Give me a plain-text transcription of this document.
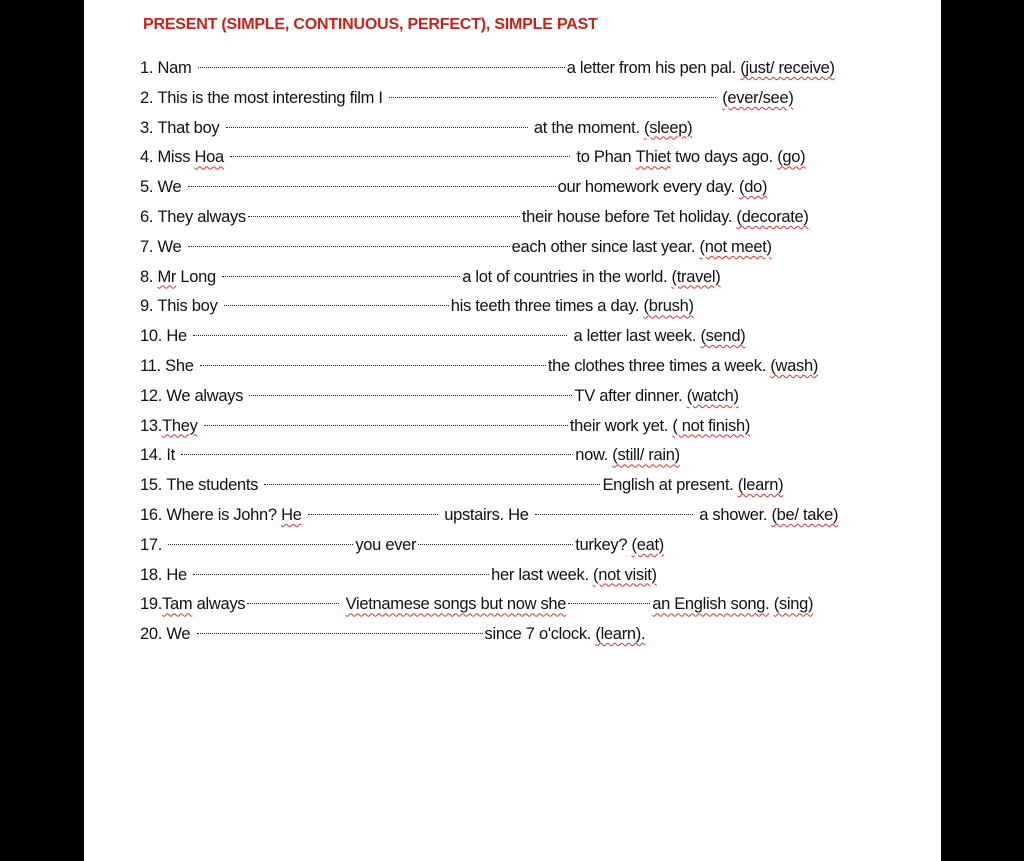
PRESENT (SIMPLE, CONTINUOUS, PERFECT), SIMPLE PAST
1. Nam	a letter from his pen pal. (just/ receive)
2. This is the most interesting film I	(ever/see)
3. That boy	at the moment. (sleep)
4. Miss Hoa	to Phan Thiet two days ago. (go)
5. We	our homework every day. (do)
6. They always	their house before Tet holiday. (decorate)
7. We	each other since last year. (not meet)
8. Mr Long	a lot of countries in the world. (travel)
9. This boy	his teeth three times a day. (brush)
10. He	a letter last week. (send)
11. She	the clothes three times a week. (wash)
12. We always	TV after dinner. (watch)
13.They	their work yet. ( not finish)
14. It	now. (still/ rain)
15. The students	English at present. (learn)
16. Where is John? He	upstairs. He	a shower. (be/ take)
17.	you ever	turkey? (eat)
18. He	her last week. (not visit)
19.Tam always	Vietnamese songs but now she	an English song. (sing)
20. We	since 7 o'clock. (learn).
